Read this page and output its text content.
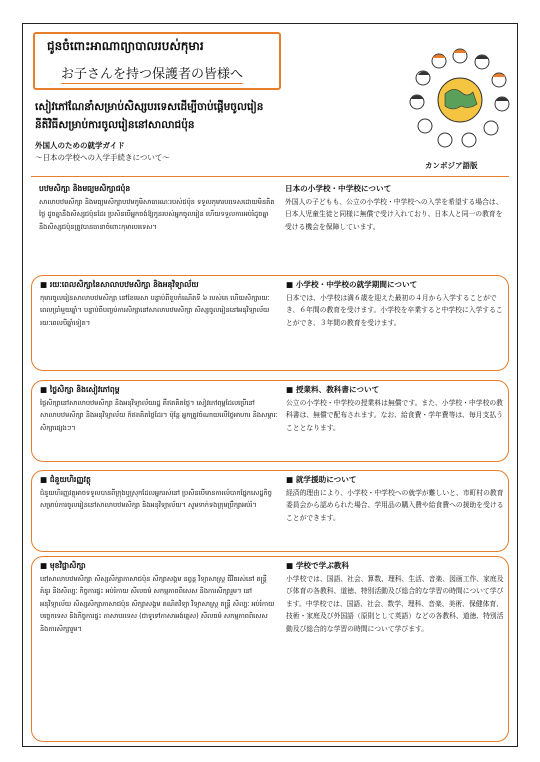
ជូនចំពោះអាណាព្យាបាលរបស់កុមារ
お子さんを持つ保護者の皆様へ
សៀវភៅណែនាំសម្រាប់សិស្សបរទេសដើម្បីចាប់ផ្តើមចូលរៀន
នីតិវិធីសម្រាប់ការចូលរៀននៅសាលាជប៉ុន
外国人のための就学ガイド
～日本の学校への入学手続きについて～
カンボジア語版
បឋមសិក្សា និងមធ្យមសិក្សាជប៉ុន
សាលាបឋមសិក្សា និងមធ្យមសិក្សាបឋមភូមិសាធារណៈរបស់ជប៉ុន ទទួលកុមារបរទេសដោយមិនគិតថ្លៃ ដូចគ្នានឹងសិស្សជប៉ុនដែរ ប្រសិនបើអ្នកចង់ឱ្យកូនរបស់អ្នកចូលរៀន ហើយទទួលការអប់រំដូចគ្នានឹងសិស្សជប៉ុនត្រូវបានធានាចំពោះកុមារបរទេស។
日本の小学校・中学校について
外国人の子どもも、公立の小学校・中学校への入学を希望する場合は、日本人児童生徒と同様に無償で受け入れており、日本人と同一の教育を受ける機会を保障しています。
■ រយៈពេលសិក្សានៃសាលាបឋមសិក្សា និងអនុវិទ្យាល័យ
កុមារចូលរៀនសាលាបឋមសិក្សា នៅខែមេសា បន្ទាប់ពីខួបកំណើតទី ៦ របស់គេ ហើយសិក្សារយៈពេលប្រាំមួយឆ្នាំ។ បន្ទាប់ពីបញ្ចប់ការសិក្សានៅសាលាបឋមសិក្សា សិស្សចូលរៀននៅអនុវិទ្យាល័យ រយៈពេលបីឆ្នាំទៀត។
■ 小学校・中学校の就学期間について
日本では、小学校は満６歳を迎えた最初の４月から入学することができ、６年間の教育を受けます。小学校を卒業すると中学校に入学することができ、３年間の教育を受けます。
■ ថ្លៃសិក្សា និងសៀវភៅពុម្ព
ថ្លៃសិក្សានៅសាលាបឋមសិក្សា និងអនុវិទ្យាល័យរដ្ឋ គឺឥតគិតថ្លៃ។ សៀវភៅពុម្ពដែលប្រើនៅសាលាបឋមសិក្សា និងអនុវិទ្យាល័យ ក៏ឥតគិតថ្លៃដែរ។ ប៉ុន្តែ អ្នកត្រូវចំណាយលើថ្លៃអាហារ និងសម្ភារៈសិក្សាផ្សេងៗ។
■ 授業料、教科書について
公立の小学校・中学校の授業料は無償です。また、小学校・中学校の教科書は、無償で配布されます。なお、給食費・学年費等は、毎月支払うこととなります。
■ ជំនួយហិរញ្ញវត្ថុ
ជំនួយហិរញ្ញវត្ថុអាចទទួលបានពីក្រុងឬស្រុកដែលអ្នករស់នៅ ប្រសិនបើមានការលំបាកផ្នែកសេដ្ឋកិច្ច សម្រាប់ការចូលរៀននៅសាលាបឋមសិក្សា និងអនុវិទ្យាល័យ។ សូមទាក់ទងក្រុមប្រឹក្សាអប់រំ។
■ 就学援助について
経済的理由により、小学校・中学校への就学が難しいと、市町村の教育委員会から認められた場合、学用品の購入費や給食費への援助を受けることができます。
■ មុខវិជ្ជាសិក្សា
នៅសាលាបឋមសិក្សា សិស្សសិក្សាភាសាជប៉ុន សិក្សាសង្គម នព្វន្ត វិទ្យាសាស្ត្រ ជីវិតរស់នៅ តន្ត្រី គំនូរ និងសិល្បៈ កិច្ចការផ្ទះ អប់រំកាយ សីលធម៌ សកម្មភាពពិសេស និងការសិក្សារួម។ នៅអនុវិទ្យាល័យ សិស្សសិក្សាភាសាជប៉ុន សិក្សាសង្គម គណិតវិទ្យា វិទ្យាសាស្ត្រ តន្ត្រី សិល្បៈ អប់រំកាយ បច្ចេកទេស និងកិច្ចការផ្ទះ ភាសាបរទេស (ជាទូទៅភាសាអង់គ្លេស) សីលធម៌ សកម្មភាពពិសេស និងការសិក្សារួម។
■ 学校で学ぶ教科
小学校では、国語、社会、算数、理科、生活、音楽、図画工作、家庭及び体育の各教科、道徳、特別活動及び総合的な学習の時間について学びます。中学校では、国語、社会、数学、理科、音楽、美術、保健体育、技術・家庭及び外国語（原則として英語）などの各教科、道徳、特別活動及び総合的な学習の時間について学びます。
